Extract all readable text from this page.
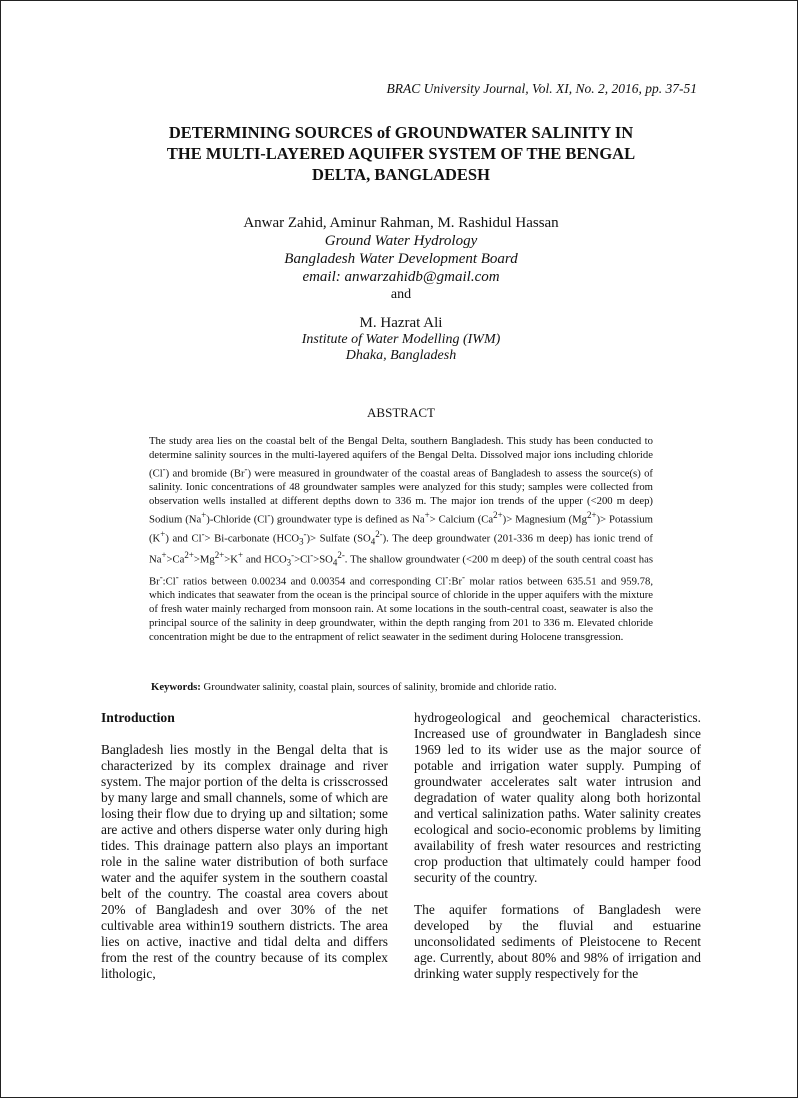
BRAC University Journal, Vol. XI, No. 2, 2016, pp. 37-51
DETERMINING SOURCES of GROUNDWATER SALINITY IN
THE MULTI-LAYERED AQUIFER SYSTEM OF THE BENGAL
DELTA, BANGLADESH
Anwar Zahid, Aminur Rahman, M. Rashidul Hassan
Ground Water Hydrology
Bangladesh Water Development Board
email: anwarzahidb@gmail.com
and
M. Hazrat Ali
Institute of Water Modelling (IWM)
Dhaka, Bangladesh
ABSTRACT

The study area lies on the coastal belt of the Bengal Delta, southern Bangladesh. This study has been conducted to determine salinity sources in the multi-layered aquifers of the Bengal Delta. Dissolved major ions including chloride (Cl-) and bromide (Br-) were measured in groundwater of the coastal areas of Bangladesh to assess the source(s) of salinity. Ionic concentrations of 48 groundwater samples were analyzed for this study; samples were collected from observation wells installed at different depths down to 336 m. The major ion trends of the upper (<200 m deep) Sodium (Na+)-Chloride (Cl-) groundwater type is defined as Na+> Calcium $(Ca^{2+})>$ Magnesium $(Mg^{2+})>$ Potassium (K+) and Cl-> Bi-carbonate $(HCO_3^-)>$ Sulfate $(SO_4^{2-})$. The deep groundwater (201-336 m deep) has ionic trend of $Na^+>Ca^{2+}>Mg^{2+}>K^+$ and $HCO_3^->Cl^->SO_4^{2-}$. The shallow groundwater (<200 m deep) of the south central coast has Br-:Cl- ratios between 0.00234 and 0.00354 and corresponding Cl-:Br- molar ratios between 635.51 and 959.78, which indicates that seawater from the ocean is the principal source of chloride in the upper aquifers with the mixture of fresh water mainly recharged from monsoon rain. At some locations in the south-central coast, seawater is also the principal source of the salinity in deep groundwater, within the depth ranging from 201 to 336 m. Elevated chloride concentration might be due to the entrapment of relict seawater in the sediment during Holocene transgression.

Keywords: Groundwater salinity, coastal plain, sources of salinity, bromide and chloride ratio.

Introduction

Bangladesh lies mostly in the Bengal delta that is characterized by its complex drainage and river system. The major portion of the delta is crisscrossed by many large and small channels, some of which are losing their flow due to drying up and siltation; some are active and others disperse water only during high tides. This drainage pattern also plays an important role in the saline water distribution of both surface water and the aquifer system in the southern coastal belt of the country. The coastal area covers about 20% of Bangladesh and over 30% of the net cultivable area within19 southern districts. The area lies on active, inactive and tidal delta and differs from the rest of the country because of its complex lithologic,

hydrogeological and geochemical characteristics. Increased use of groundwater in Bangladesh since 1969 led to its wider use as the major source of potable and irrigation water supply. Pumping of groundwater accelerates salt water intrusion and degradation of water quality along both horizontal and vertical salinization paths. Water salinity creates ecological and socio-economic problems by limiting availability of fresh water resources and restricting crop production that ultimately could hamper food security of the country.

The aquifer formations of Bangladesh were developed by the fluvial and estuarine unconsolidated sediments of Pleistocene to Recent age. Currently, about 80% and 98% of irrigation and drinking water supply respectively for the
